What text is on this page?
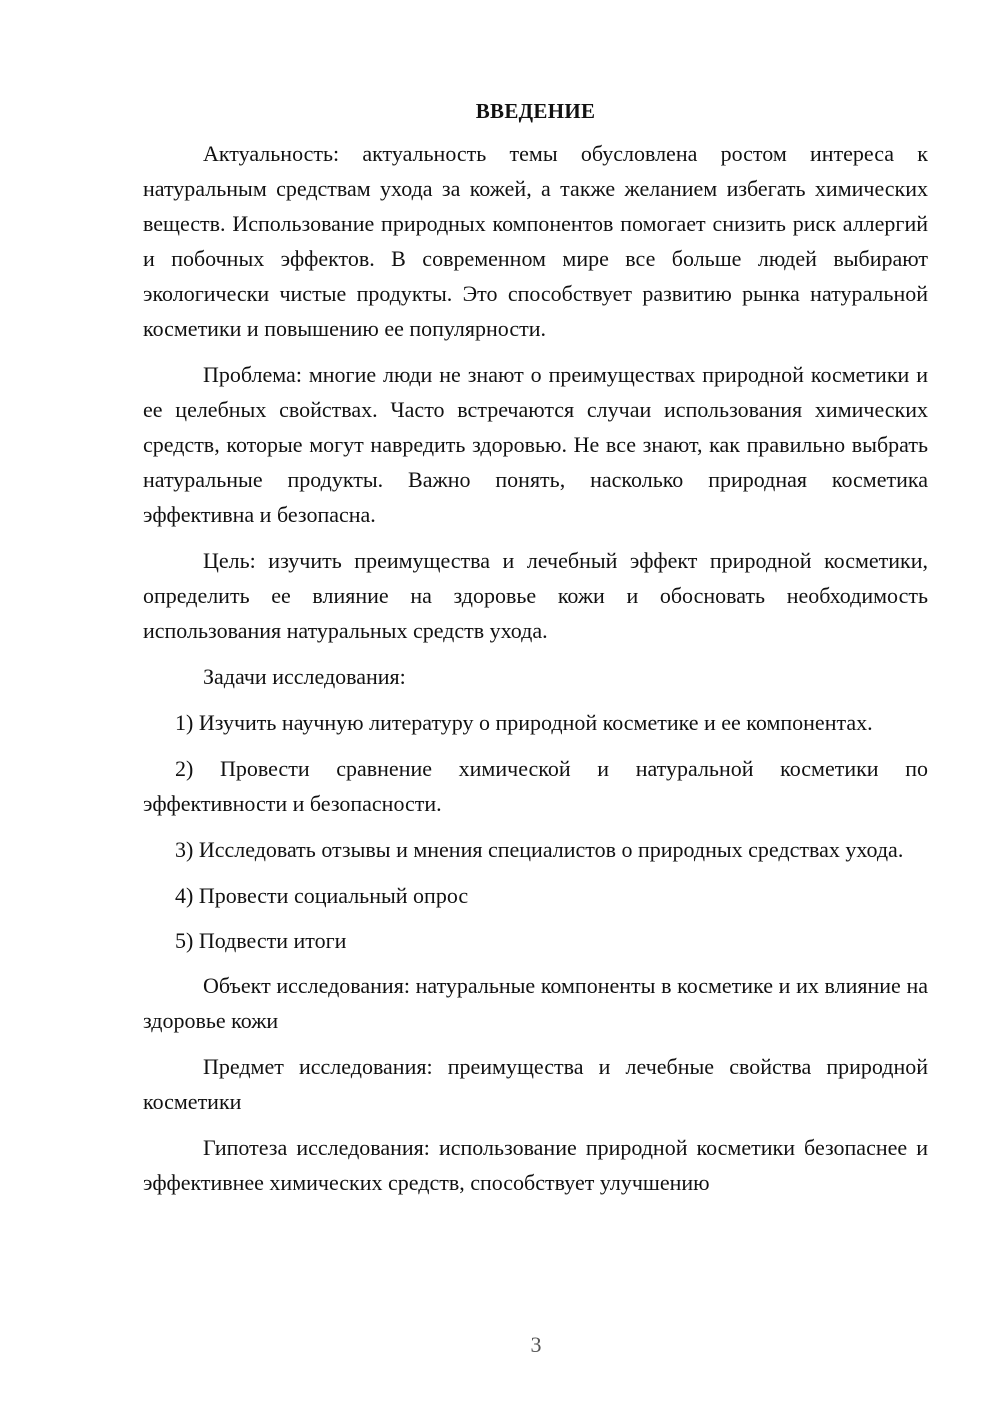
ВВЕДЕНИЕ

Актуальность: актуальность темы обусловлена ростом интереса к натуральным средствам ухода за кожей, а также желанием избегать химических веществ. Использование природных компонентов помогает снизить риск аллергий и побочных эффектов. В современном мире все больше людей выбирают экологически чистые продукты. Это способствует развитию рынка натуральной косметики и повышению ее популярности.

Проблема: многие люди не знают о преимуществах природной косметики и ее целебных свойствах. Часто встречаются случаи использования химических средств, которые могут навредить здоровью. Не все знают, как правильно выбрать натуральные продукты. Важно понять, насколько природная косметика эффективна и безопасна.

Цель: изучить преимущества и лечебный эффект природной косметики, определить ее влияние на здоровье кожи и обосновать необходимость использования натуральных средств ухода.

Задачи исследования:

1) Изучить научную литературу о природной косметике и ее компонентах.

2) Провести сравнение химической и натуральной косметики по эффективности и безопасности.

3) Исследовать отзывы и мнения специалистов о природных средствах ухода.

4) Провести социальный опрос

5) Подвести итоги

Объект исследования: натуральные компоненты в косметике и их влияние на здоровье кожи

Предмет исследования: преимущества и лечебные свойства природной косметики

Гипотеза исследования: использование природной косметики безопаснее и эффективнее химических средств, способствует улучшению

3
